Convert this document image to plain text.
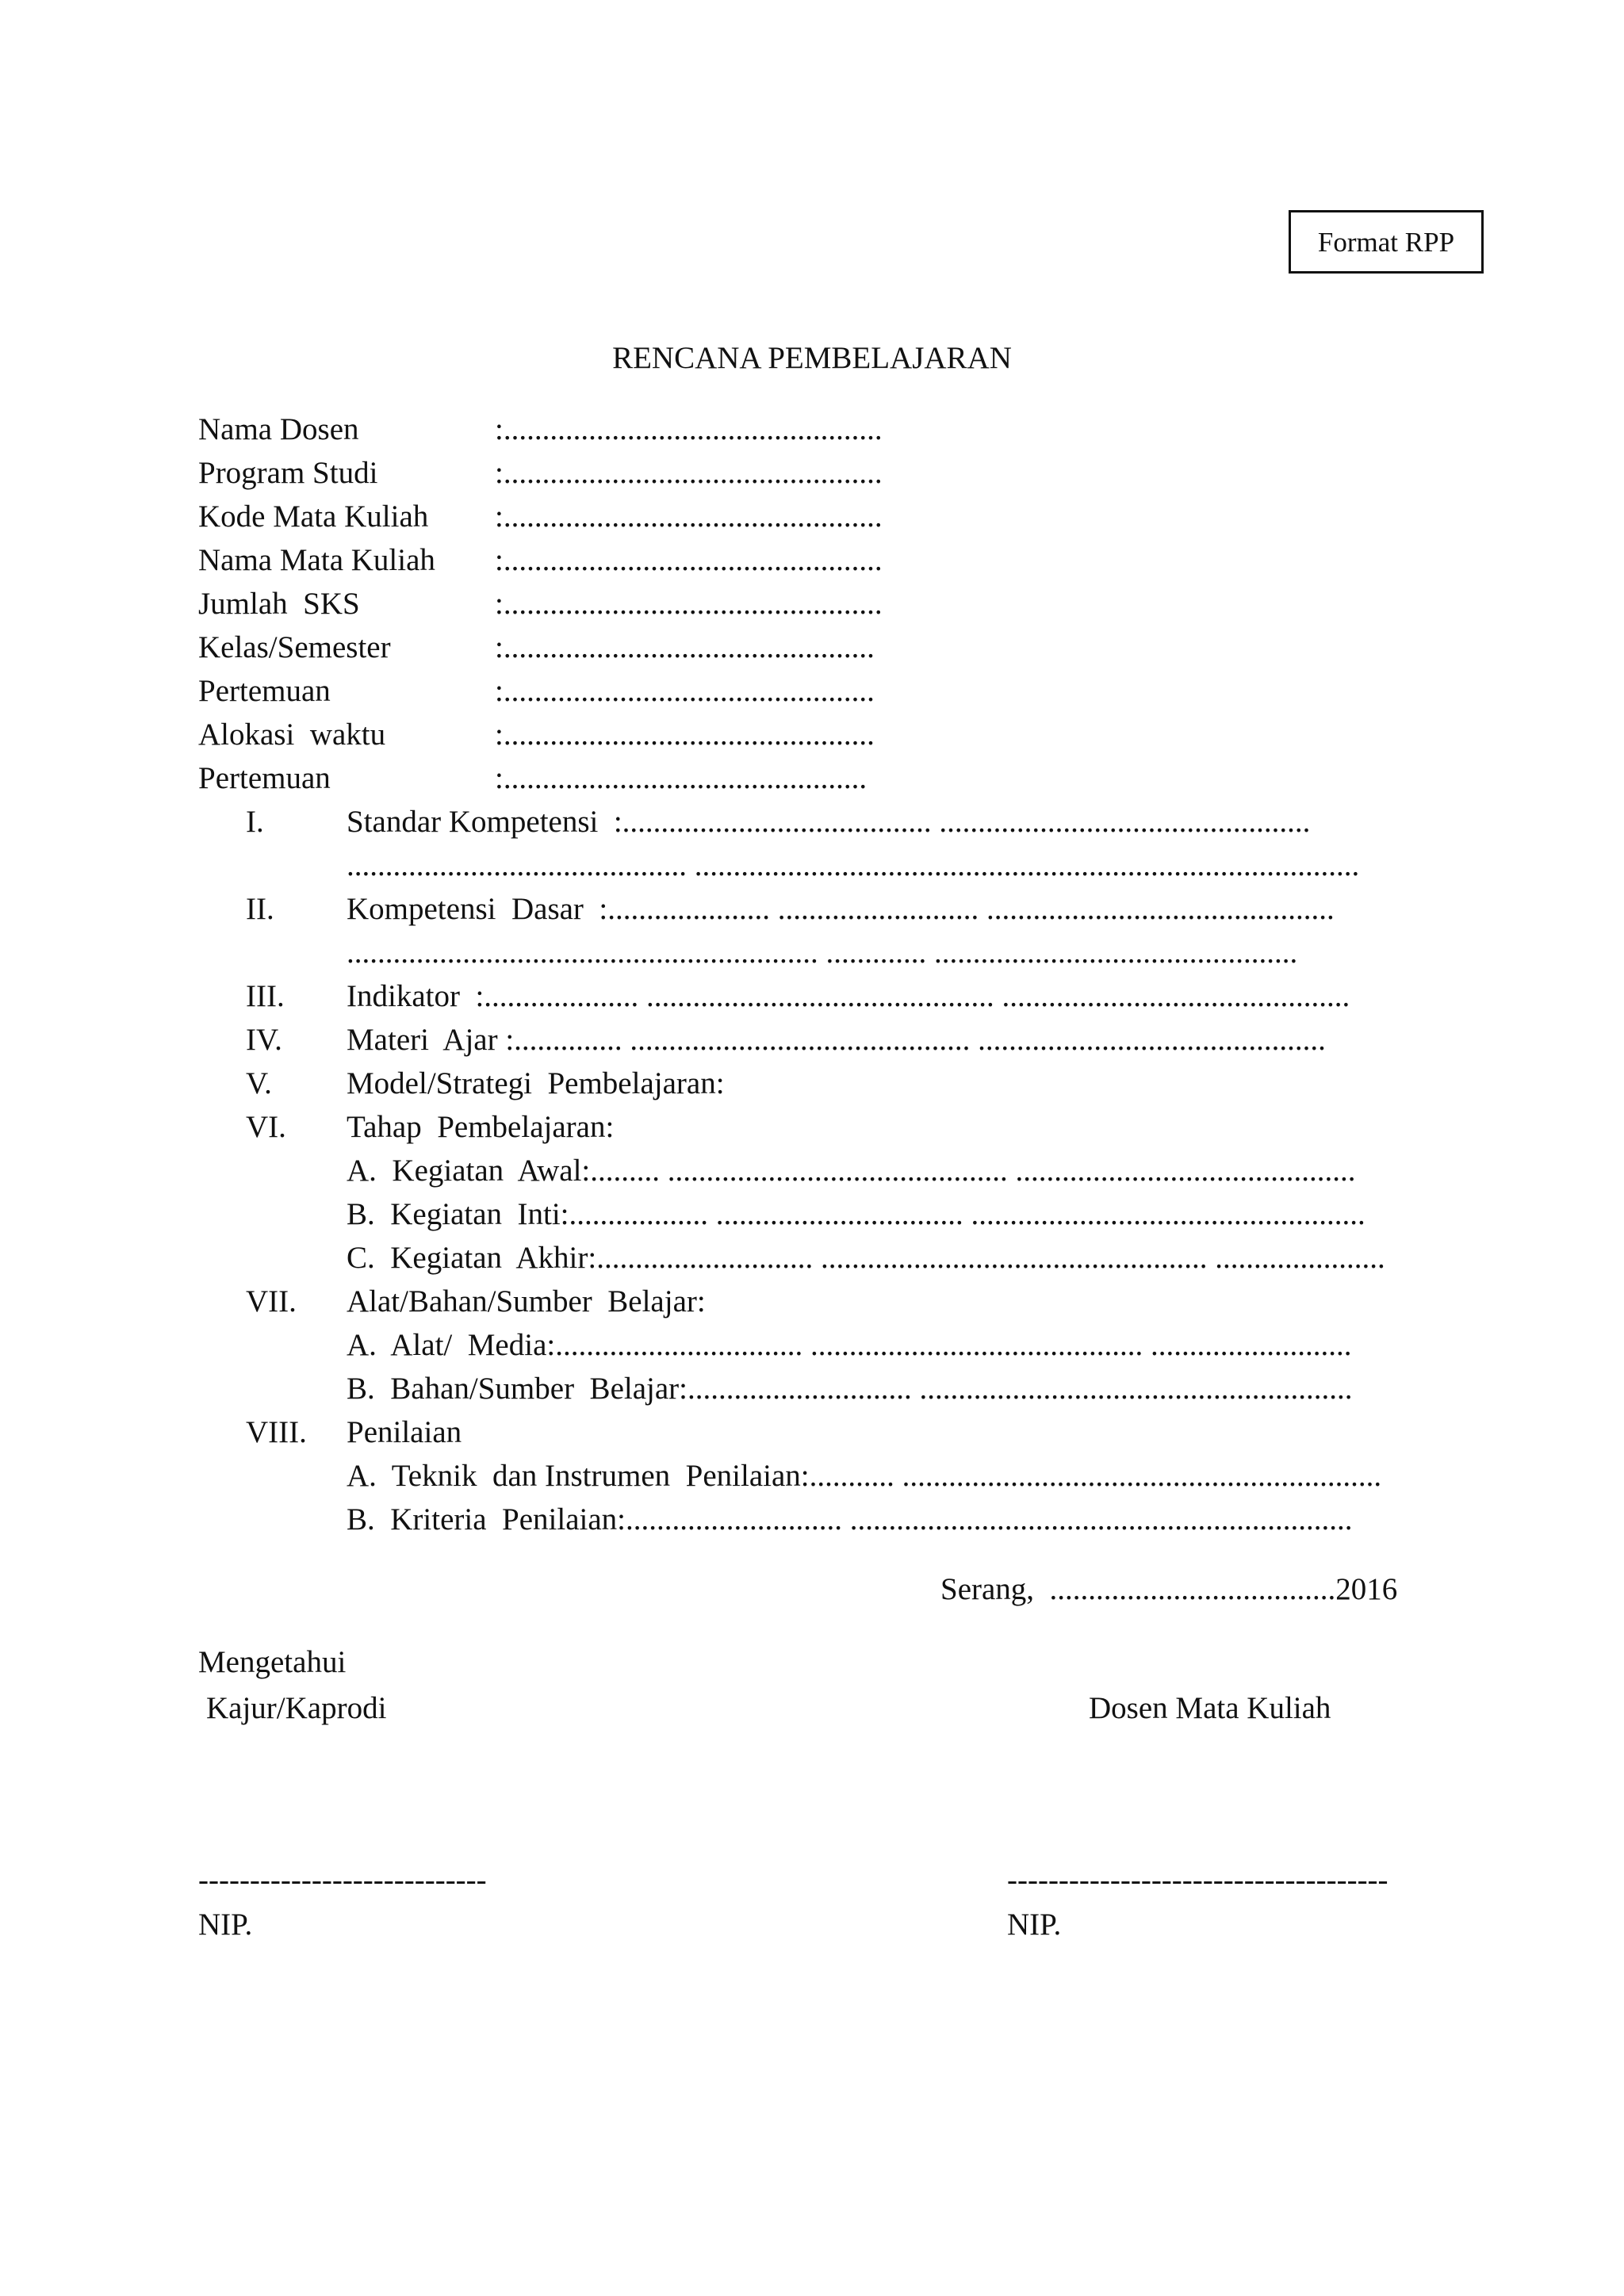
Format RPP
RENCANA PEMBELAJARAN
Nama Dosen	:.................................................
Program Studi	:.................................................
Kode Mata Kuliah :.................................................
Nama Mata Kuliah :.................................................
Jumlah  SKS	:.................................................
Kelas/Semester	:................................................
Pertemuan	:................................................
Alokasi  waktu	:................................................
Pertemuan	:...............................................
I.	Standar Kompetensi  :........................................ ................................................
............................................ ......................................................................................
II. Kompetensi  Dasar  :..................... .......................... .............................................
............................................................. ............. ...............................................
III. Indikator  :.................... ............................................. .............................................
IV. Materi  Ajar :.............. ............................................ .............................................
V. Model/Strategi  Pembelajaran:
VI. Tahap  Pembelajaran:
A.  Kegiatan  Awal:......... ............................................ ............................................
B.  Kegiatan  Inti:.................. ................................ ...................................................
C.  Kegiatan  Akhir:............................ .................................................. ......................
VII. Alat/Bahan/Sumber  Belajar:
A.  Alat/  Media:................................ ........................................... ..........................
B.  Bahan/Sumber  Belajar:............................. ........................................................
VIII. Penilaian
A.  Teknik  dan Instrumen  Penilaian:........... ..............................................................
B.  Kriteria  Penilaian:............................ .................................................................
Serang,  .....................................2016
Mengetahui
Kajur/Kaprodi	Dosen Mata Kuliah
----------------------------	-------------------------------------
NIP.	NIP.
